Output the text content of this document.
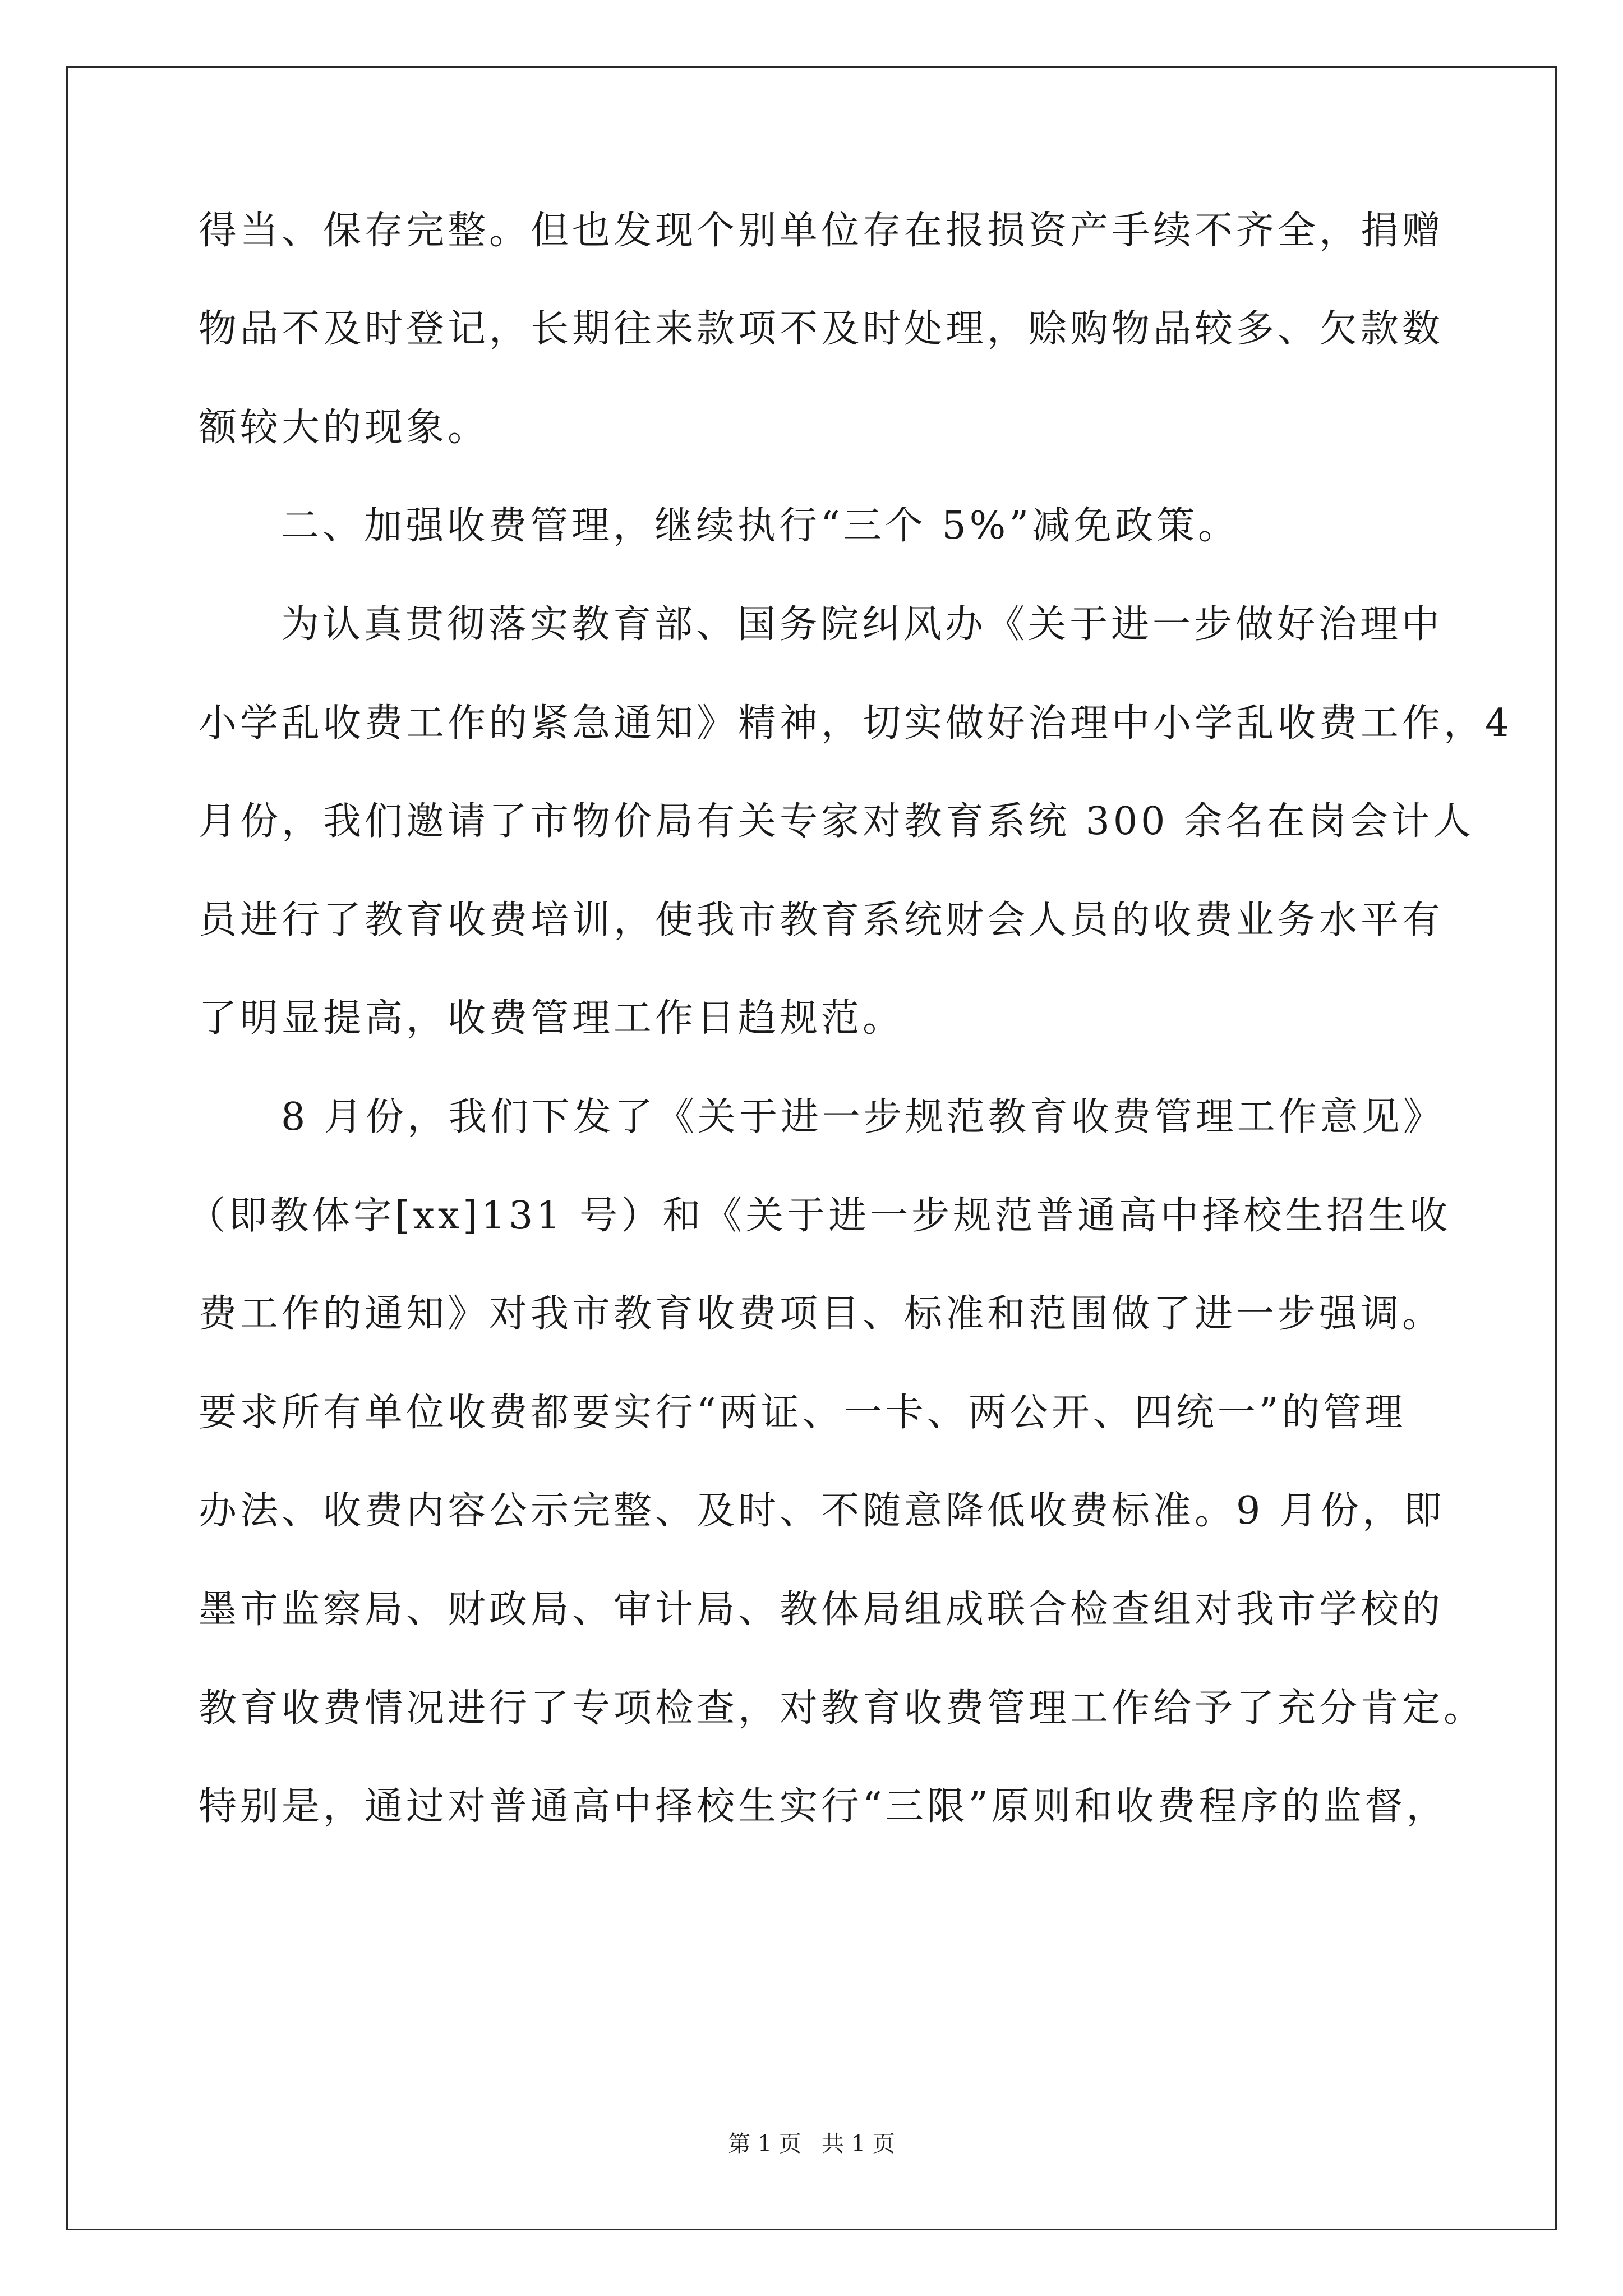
得当、保存完整。但也发现个别单位存在报损资产手续不齐全，捐赠
物品不及时登记，长期往来款项不及时处理，赊购物品较多、欠款数
额较大的现象。
二、加强收费管理，继续执行“三个 5%”减免政策。
为认真贯彻落实教育部、国务院纠风办《关于进一步做好治理中
小学乱收费工作的紧急通知》精神，切实做好治理中小学乱收费工作，4
月份，我们邀请了市物价局有关专家对教育系统 300 余名在岗会计人
员进行了教育收费培训，使我市教育系统财会人员的收费业务水平有
了明显提高，收费管理工作日趋规范。
8 月份，我们下发了《关于进一步规范教育收费管理工作意见》
（即教体字[xx]131 号）和《关于进一步规范普通高中择校生招生收
费工作的通知》对我市教育收费项目、标准和范围做了进一步强调。
要求所有单位收费都要实行“两证、一卡、两公开、四统一”的管理
办法、收费内容公示完整、及时、不随意降低收费标准。9 月份，即
墨市监察局、财政局、审计局、教体局组成联合检查组对我市学校的
教育收费情况进行了专项检查，对教育收费管理工作给予了充分肯定。
特别是，通过对普通高中择校生实行“三限”原则和收费程序的监督，
第 1 页 共 1 页
